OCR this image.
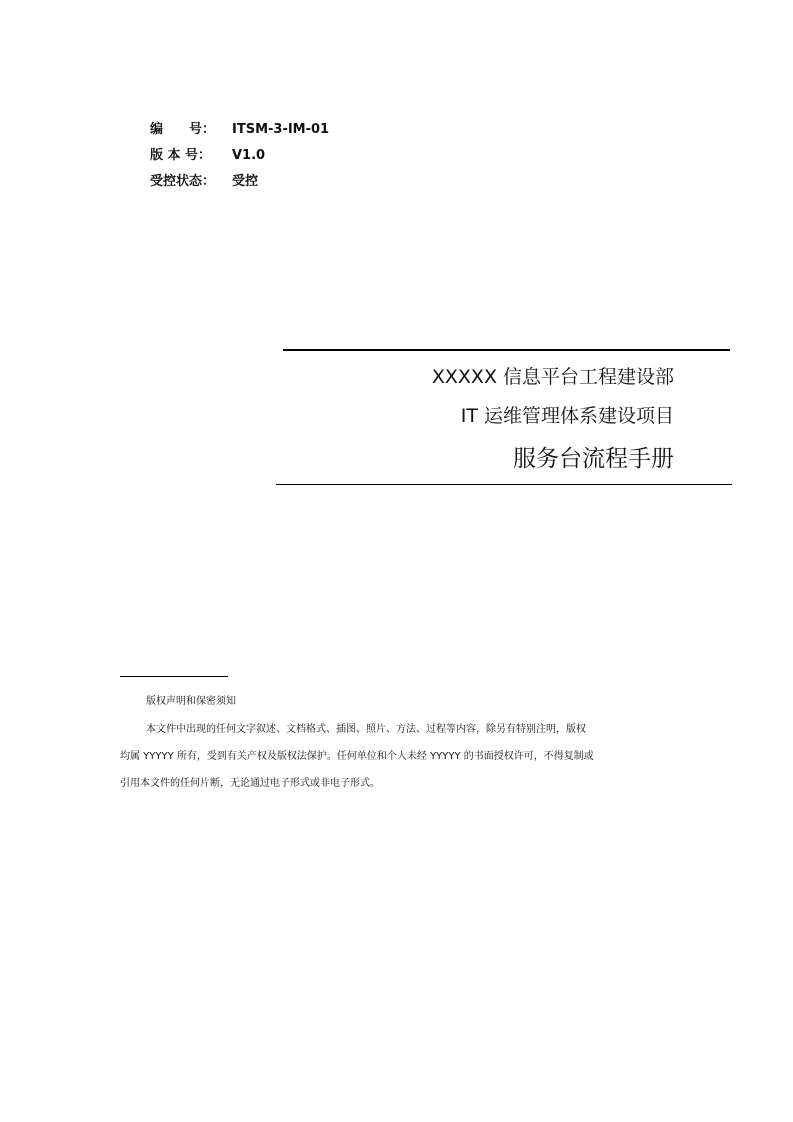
编　　号： ITSM-3-IM-01
版 本 号： V1.0
受控状态： 受控
XXXXX 信息平台工程建设部
IT 运维管理体系建设项目
服务台流程手册
版权声明和保密须知
本文件中出现的任何文字叙述、文档格式、插图、照片、方法、过程等内容，除另有特别注明，版权
均属 YYYYY 所有，受到有关产权及版权法保护。任何单位和个人未经 YYYYY 的书面授权许可，不得复制或
引用本文件的任何片断，无论通过电子形式或非电子形式。
